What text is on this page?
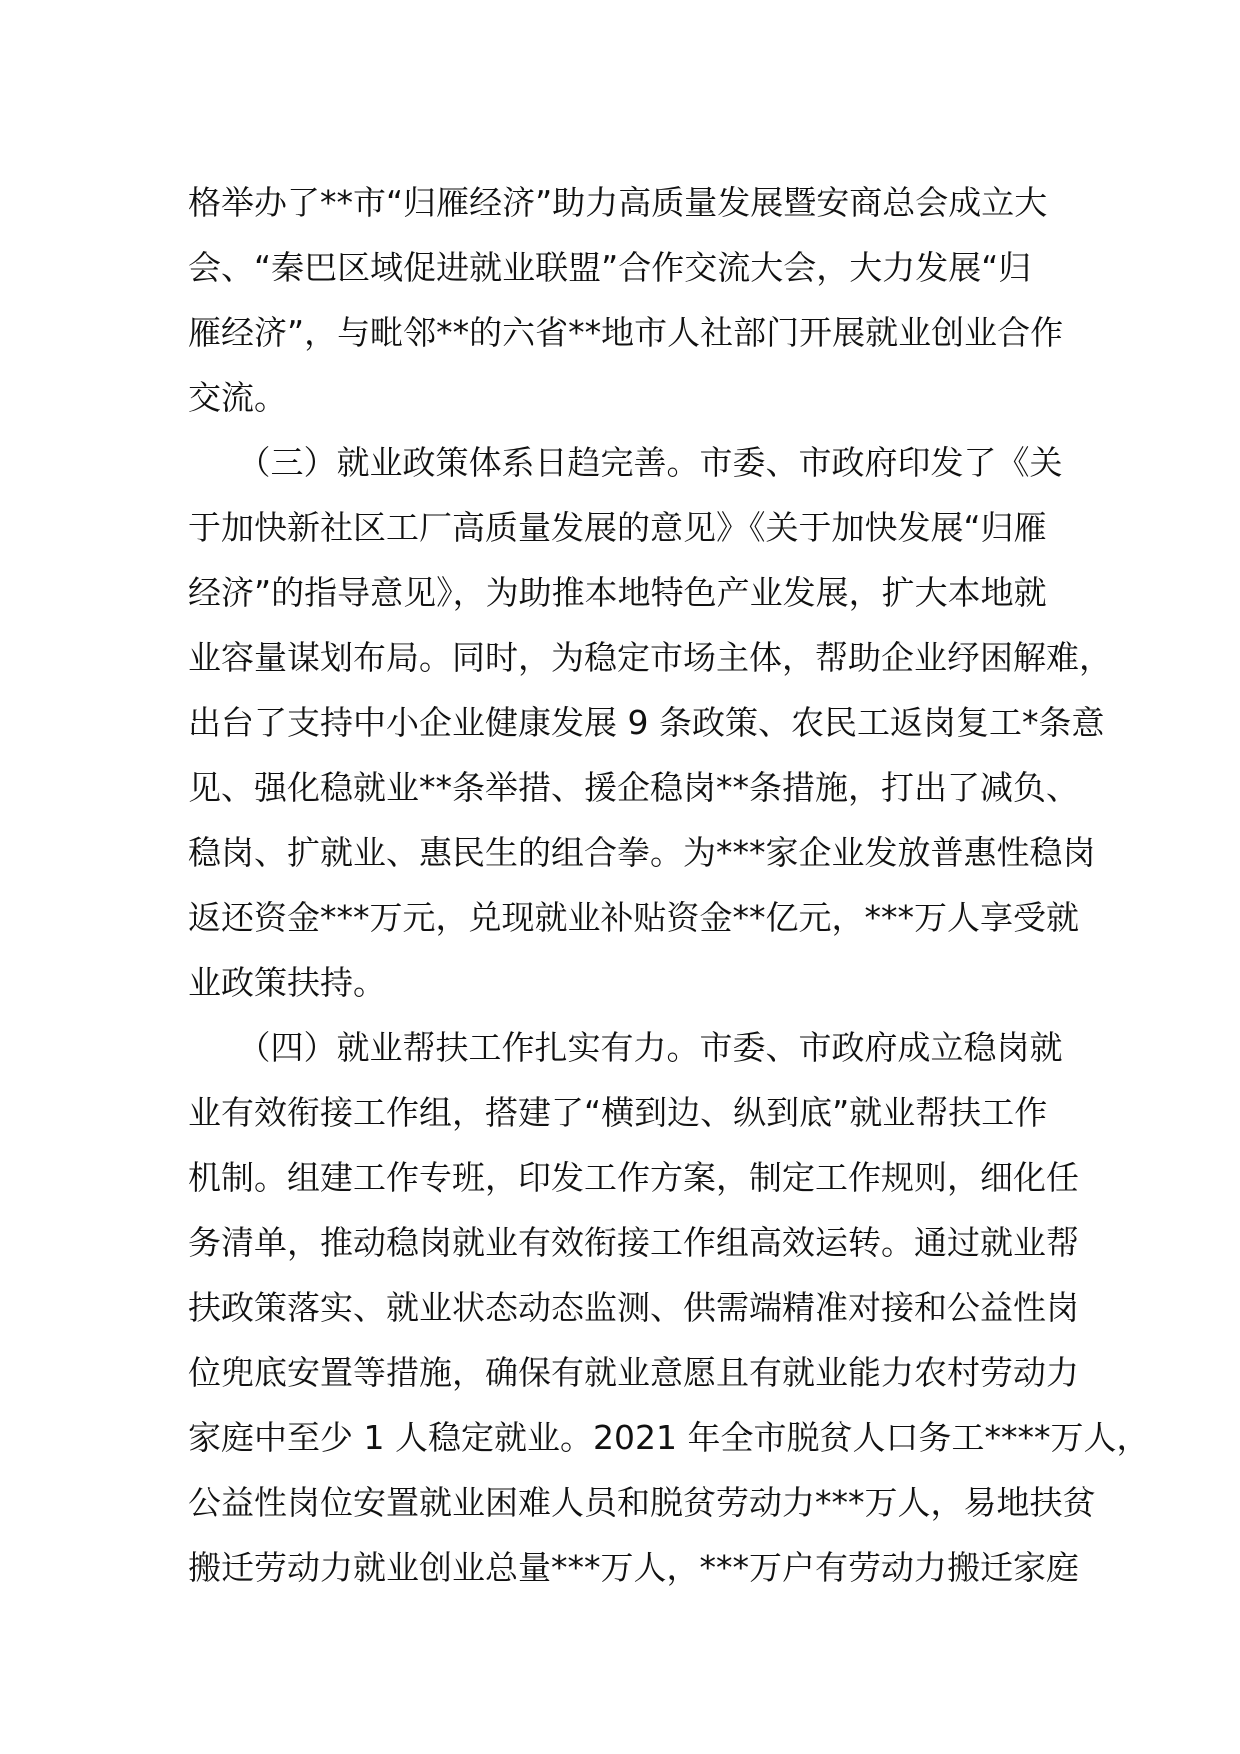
格举办了**市“归雁经济”助力高质量发展暨安商总会成立大
会、“秦巴区域促进就业联盟”合作交流大会，大力发展“归
雁经济”，与毗邻**的六省**地市人社部门开展就业创业合作
交流。
　　（三）就业政策体系日趋完善。市委、市政府印发了《关
于加快新社区工厂高质量发展的意见》《关于加快发展“归雁
经济”的指导意见》，为助推本地特色产业发展，扩大本地就
业容量谋划布局。同时，为稳定市场主体，帮助企业纾困解难，
出台了支持中小企业健康发展 9 条政策、农民工返岗复工*条意
见、强化稳就业**条举措、援企稳岗**条措施，打出了减负、
稳岗、扩就业、惠民生的组合拳。为***家企业发放普惠性稳岗
返还资金***万元，兑现就业补贴资金**亿元，***万人享受就
业政策扶持。
　　（四）就业帮扶工作扎实有力。市委、市政府成立稳岗就
业有效衔接工作组，搭建了“横到边、纵到底”就业帮扶工作
机制。组建工作专班，印发工作方案，制定工作规则，细化任
务清单，推动稳岗就业有效衔接工作组高效运转。通过就业帮
扶政策落实、就业状态动态监测、供需端精准对接和公益性岗
位兜底安置等措施，确保有就业意愿且有就业能力农村劳动力
家庭中至少 1 人稳定就业。2021 年全市脱贫人口务工****万人，
公益性岗位安置就业困难人员和脱贫劳动力***万人，易地扶贫
搬迁劳动力就业创业总量***万人，***万户有劳动力搬迁家庭
